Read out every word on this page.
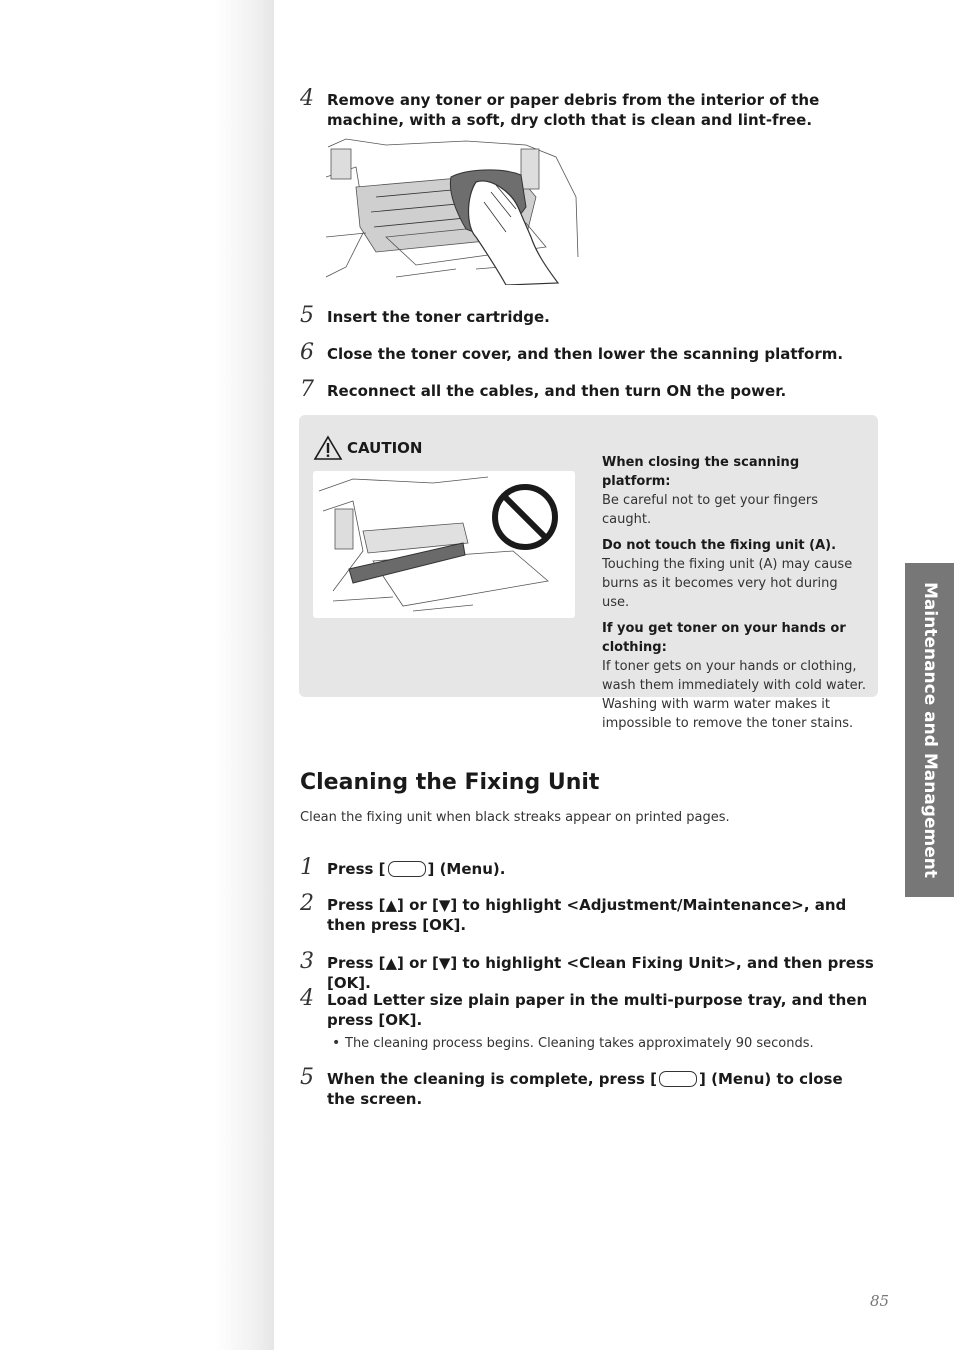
4 Remove any toner or paper debris from the interior of the machine, with a soft, dry cloth that is clean and lint-free.
5 Insert the toner cartridge.
6 Close the toner cover, and then lower the scanning platform.
7 Reconnect all the cables, and then turn ON the power.
CAUTION
When closing the scanning platform:
Be careful not to get your fingers caught.
Do not touch the fixing unit (A).
Touching the fixing unit (A) may cause burns as it becomes very hot during use.
If you get toner on your hands or clothing:
If toner gets on your hands or clothing, wash them immediately with cold water. Washing with warm water makes it impossible to remove the toner stains.
Cleaning the Fixing Unit
Clean the fixing unit when black streaks appear on printed pages.
1 Press [	] (Menu).
2 Press [▲] or [▼] to highlight <Adjustment/Maintenance>, and then press [OK].
3 Press [▲] or [▼] to highlight <Clean Fixing Unit>, and then press [OK].
4 Load Letter size plain paper in the multi-purpose tray, and then press [OK].
• The cleaning process begins. Cleaning takes approximately 90 seconds.
5 When the cleaning is complete, press [	] (Menu) to close the screen.
Maintenance and Management
85
